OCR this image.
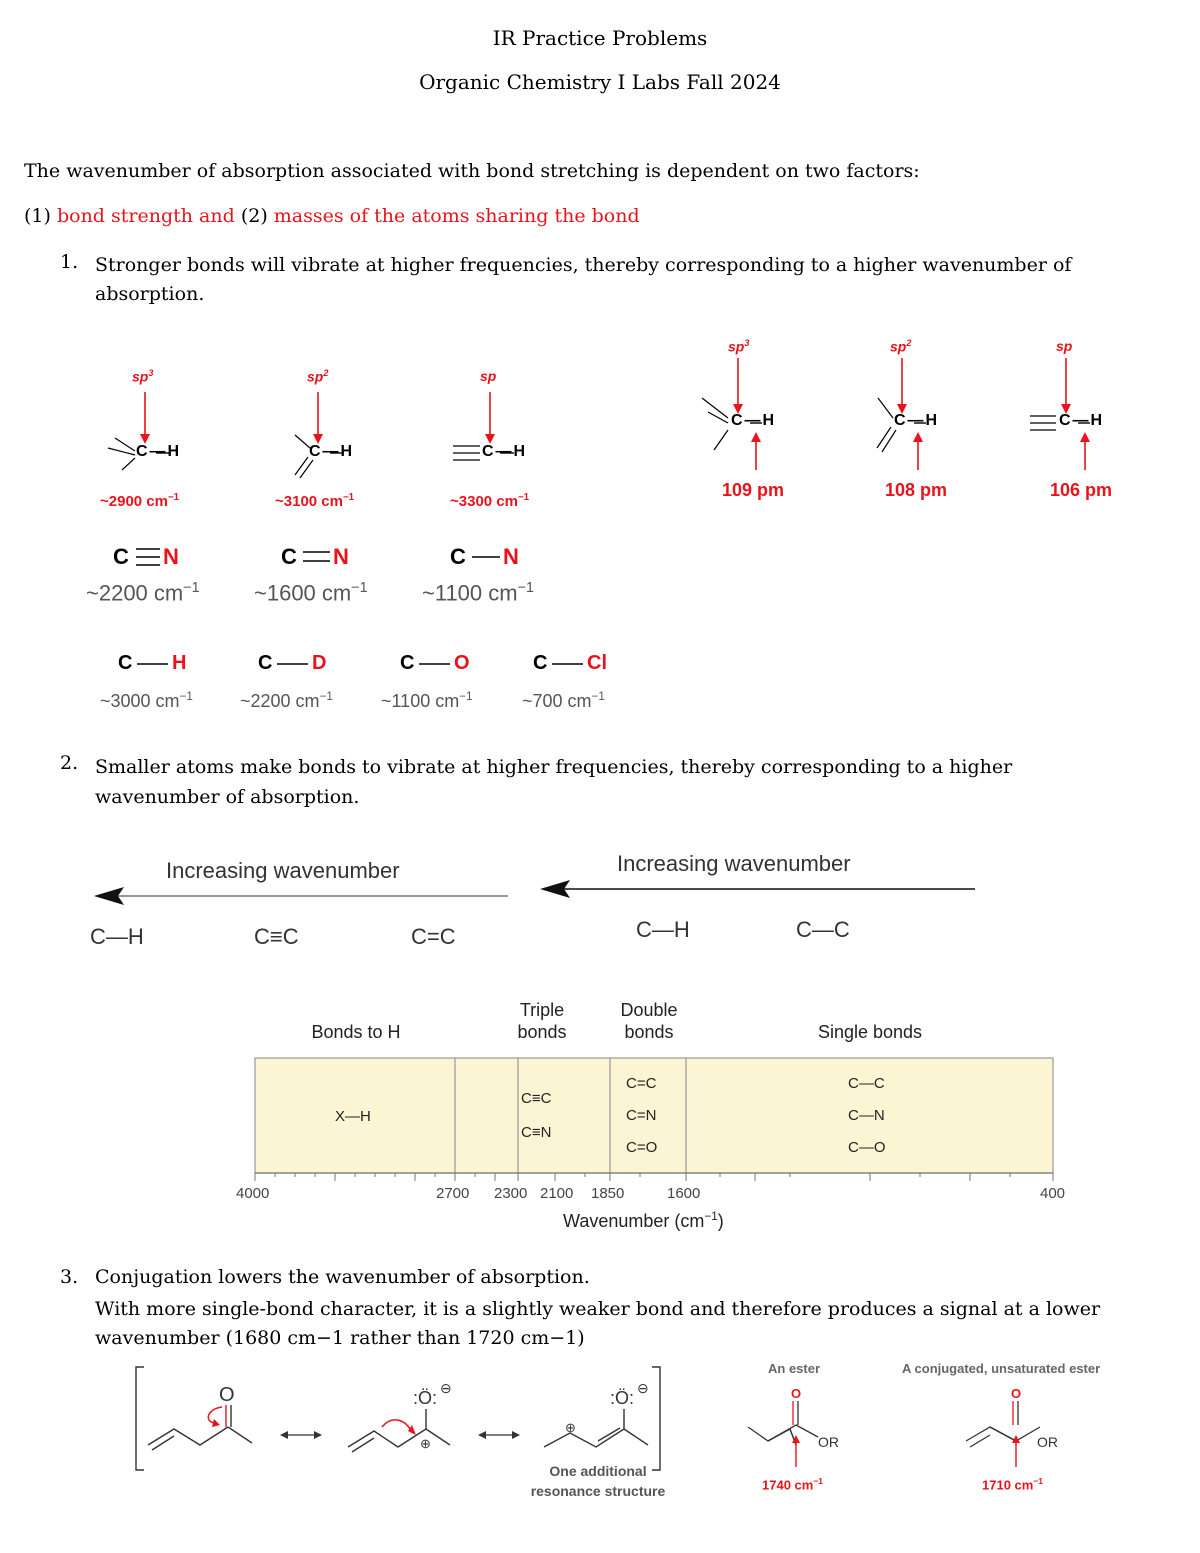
IR Practice Problems
Organic Chemistry I Labs Fall 2024
The wavenumber of absorption associated with bond stretching is dependent on two factors:
(1) bond strength and (2) masses of the atoms sharing the bond
1. Stronger bonds will vibrate at higher frequencies, thereby corresponding to a higher wavenumber of absorption.
$sp^3$	$sp^2$	sp
C—H	C—H	C—H
~2900 $cm^{-1}$	~3100 $cm^{-1}$	~3300 $cm^{-1}$
$sp^3$	$sp^2$	sp
C—H	C—H	C—H
109 pm	108 pm	106 pm
C N	C N	C N
~2200 $cm^{-1}$ ~1600 $cm^{-1}$ ~1100 $cm^{-1}$
C H	C D	C O	C Cl
~3000 $cm^{-1}$	~2200 $cm^{-1}$	~1100 $cm^{-1}$	~700 $cm^{-1}$
2. Smaller atoms make bonds to vibrate at higher frequencies, thereby corresponding to a higher wavenumber of absorption.
Increasing wavenumber	Increasing wavenumber
C—H	C≡C	C=C	C—H	C—C
Bonds to H
Triple
bonds
Double
bonds	Single bonds
X—H
C≡C
C≡N
C=C
C=N
C=O
C—C
C—N
C—O
4000	2700 2300 2100 1850	1600	400
Wavenumber $(cm^{-1})$
3. Conjugation lowers the wavenumber of absorption.
With more single-bond character, it is a slightly weaker bond and therefore produces a signal at a lower wavenumber (1680 cm−1 rather than 1720 cm−1)
O	:Ö: ⊖
⊕
:Ö: ⊖
⊕
One additional
resonance structure
An ester	A conjugated, unsaturated ester
O
OR
O
OR
1740 $cm^{-1}$	1710 $cm^{-1}$
